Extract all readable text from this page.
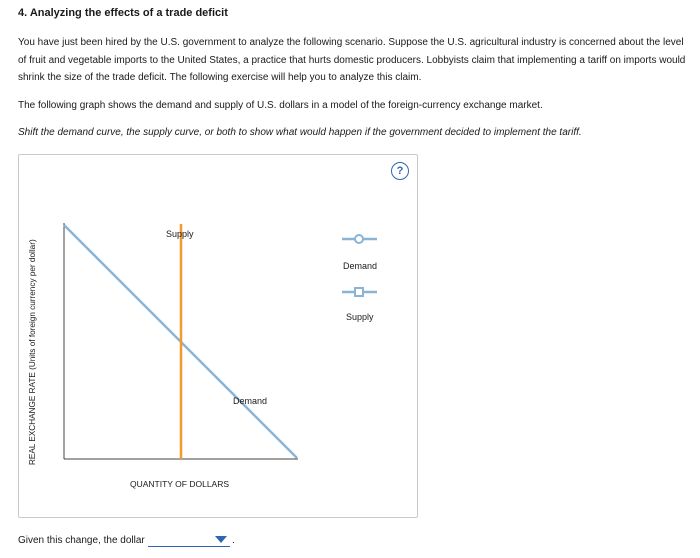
4. Analyzing the effects of a trade deficit

You have just been hired by the U.S. government to analyze the following scenario. Suppose the U.S. agricultural industry is concerned about the level of fruit and vegetable imports to the United States, a practice that hurts domestic producers. Lobbyists claim that implementing a tariff on imports would shrink the size of the trade deficit. The following exercise will help you to analyze this claim.

The following graph shows the demand and supply of U.S. dollars in a model of the foreign-currency exchange market.

Shift the demand curve, the supply curve, or both to show what would happen if the government decided to implement the tariff.

?
REAL EXCHANGE RATE (Units of foreign currency per dollar)
QUANTITY OF DOLLARS
Supply
Demand
Demand
Supply
Given this change, the dollar	.
